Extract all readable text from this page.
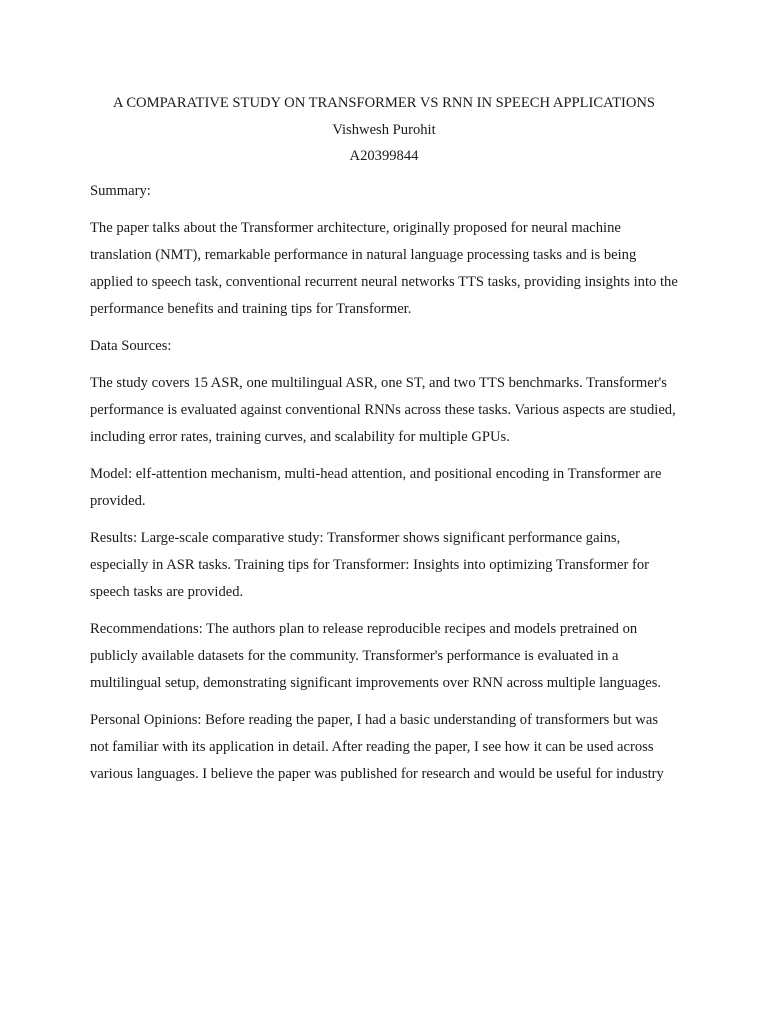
A COMPARATIVE STUDY ON TRANSFORMER VS RNN IN SPEECH APPLICATIONS
Vishwesh Purohit
A20399844

Summary:

The paper talks about the Transformer architecture, originally proposed for neural machine translation (NMT), remarkable performance in natural language processing tasks and is being applied to speech task, conventional recurrent neural networks TTS tasks, providing insights into the performance benefits and training tips for Transformer.

Data Sources:

The study covers 15 ASR, one multilingual ASR, one ST, and two TTS benchmarks. Transformer's performance is evaluated against conventional RNNs across these tasks. Various aspects are studied, including error rates, training curves, and scalability for multiple GPUs.

Model: elf-attention mechanism, multi-head attention, and positional encoding in Transformer are provided.

Results: Large-scale comparative study: Transformer shows significant performance gains, especially in ASR tasks. Training tips for Transformer: Insights into optimizing Transformer for speech tasks are provided.

Recommendations: The authors plan to release reproducible recipes and models pretrained on publicly available datasets for the community. Transformer's performance is evaluated in a multilingual setup, demonstrating significant improvements over RNN across multiple languages.

Personal Opinions: Before reading the paper, I had a basic understanding of transformers but was not familiar with its application in detail. After reading the paper, I see how it can be used across various languages. I believe the paper was published for research and would be useful for industry
